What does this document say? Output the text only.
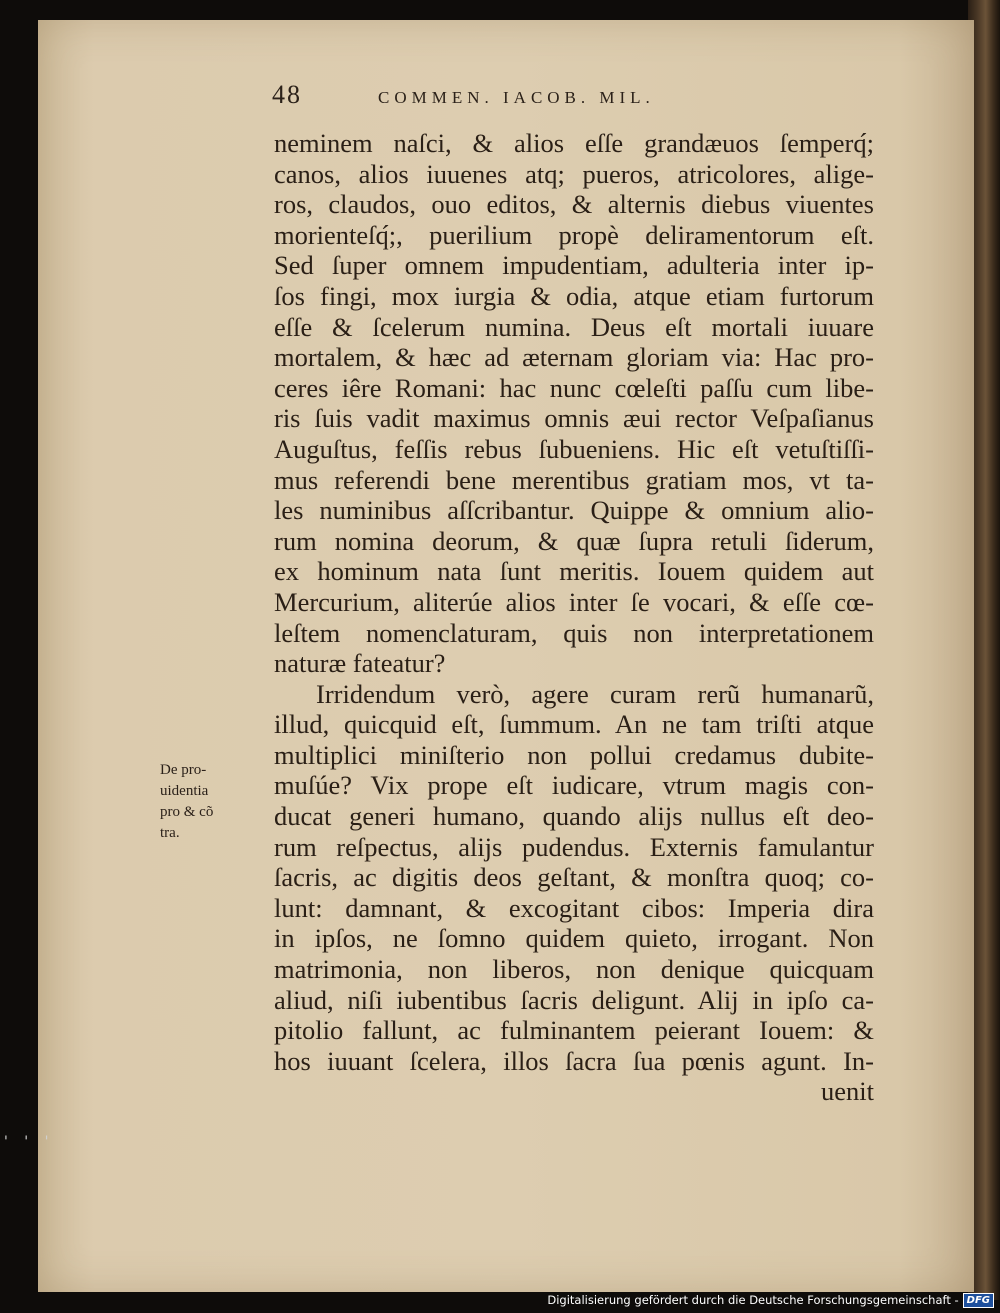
48	COMMEN. IACOB. MIL.
De pro-
uidentia
pro & cõ
tra.
neminem naſci, & alios eſſe grandæuos ſemperq́;
canos, alios iuuenes atq; pueros, atricolores, alige-
ros, claudos, ouo editos, & alternis diebus viuentes
morienteſq́;, puerilium propè deliramentorum eſt.
Sed ſuper omnem impudentiam, adulteria inter ip-
ſos fingi, mox iurgia & odia, atque etiam furtorum
eſſe & ſcelerum numina. Deus eſt mortali iuuare
mortalem, & hæc ad æternam gloriam via: Hac pro-
ceres iêre Romani: hac nunc cœleſti paſſu cum libe-
ris ſuis vadit maximus omnis æui rector Veſpaſianus
Auguſtus, feſſis rebus ſubueniens. Hic eſt vetuſtiſſi-
mus referendi bene merentibus gratiam mos, vt ta-
les numinibus aſſcribantur. Quippe & omnium alio-
rum nomina deorum, & quæ ſupra retuli ſiderum,
ex hominum nata ſunt meritis. Iouem quidem aut
Mercurium, aliterúe alios inter ſe vocari, & eſſe cœ-
leſtem nomenclaturam, quis non interpretationem
naturæ fateatur?
Irridendum verò, agere curam rerũ humanarũ,
illud, quicquid eſt, ſummum. An ne tam triſti atque
multiplici miniſterio non pollui credamus dubite-
muſúe? Vix prope eſt iudicare, vtrum magis con-
ducat generi humano, quando alijs nullus eſt deo-
rum reſpectus, alijs pudendus. Externis famulantur
ſacris, ac digitis deos geſtant, & monſtra quoq; co-
lunt: damnant, & excogitant cibos: Imperia dira
in ipſos, ne ſomno quidem quieto, irrogant. Non
matrimonia, non liberos, non denique quicquam
aliud, niſi iubentibus ſacris deligunt. Alij in ipſo ca-
pitolio fallunt, ac fulminantem peierant Iouem: &
hos iuuant ſcelera, illos ſacra ſua pœnis agunt. In-
uenit
' ' '
Digitalisierung gefördert durch die Deutsche Forschungsgemeinschaft - DFG
